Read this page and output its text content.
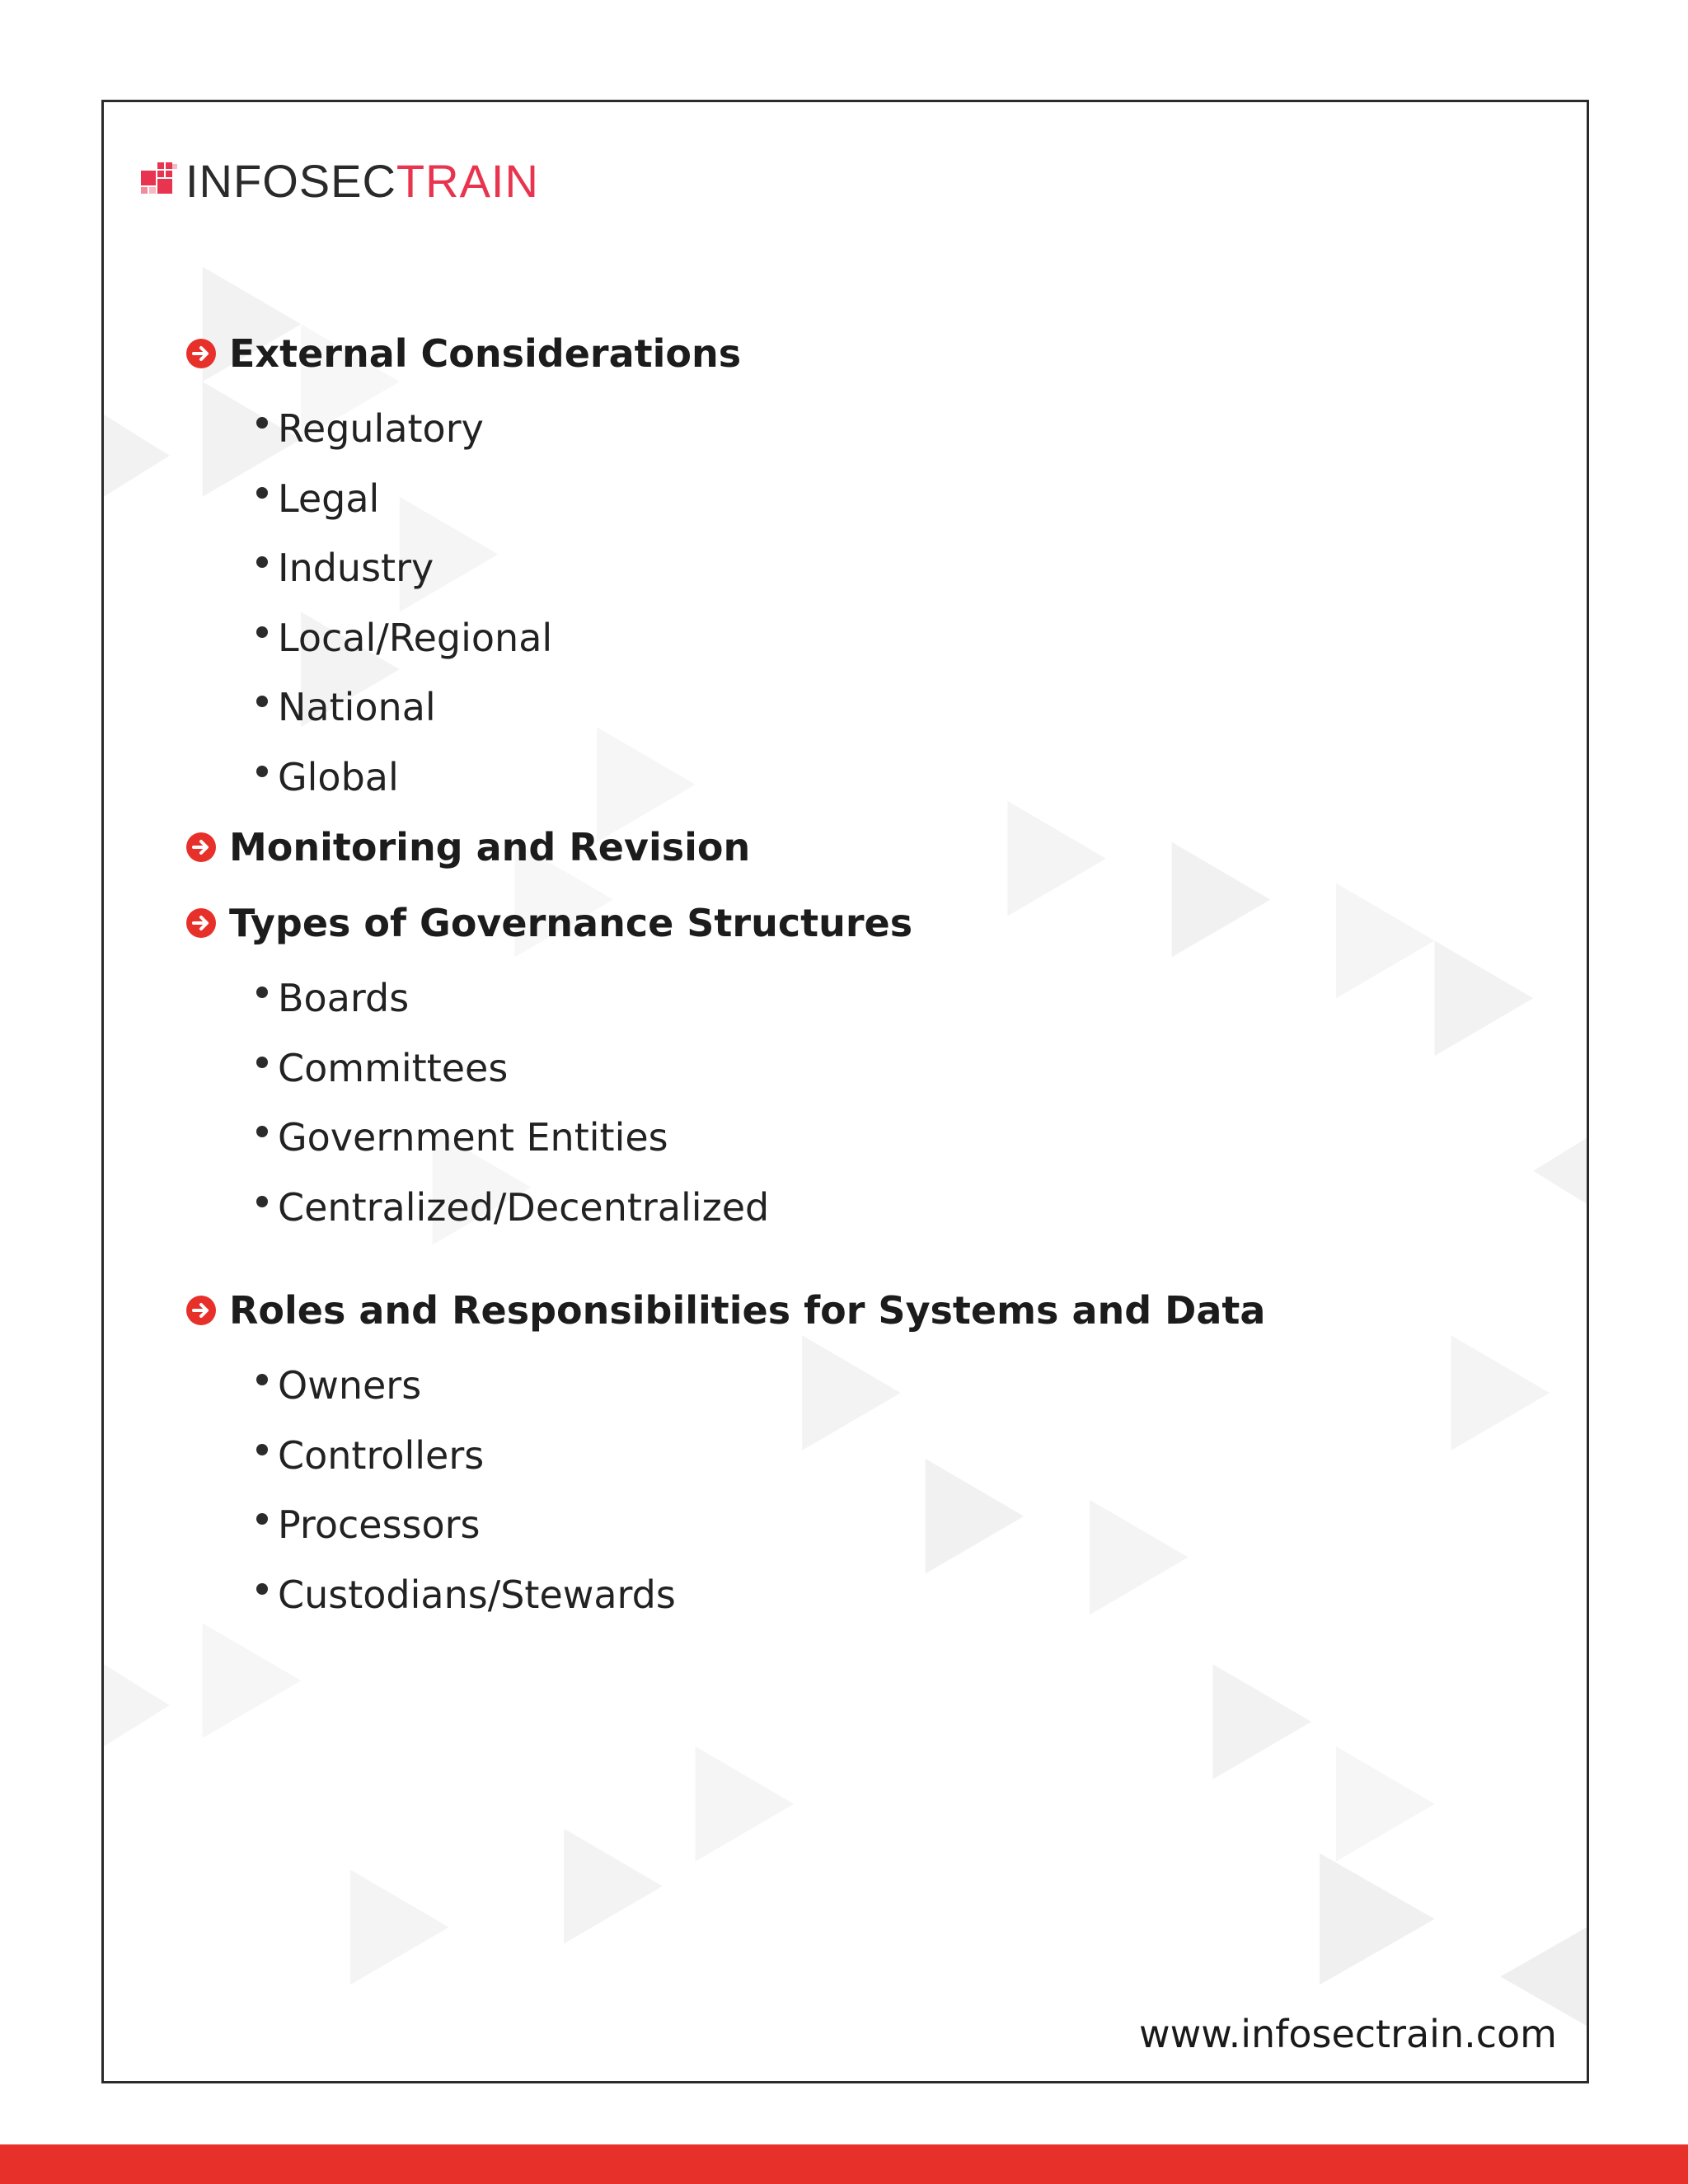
INFOSEC TRAIN
External Considerations
Regulatory
Legal
Industry
Local/Regional
National
Global
Monitoring and Revision
Types of Governance Structures
Boards
Committees
Government Entities
Centralized/Decentralized
Roles and Responsibilities for Systems and Data
Owners
Controllers
Processors
Custodians/Stewards
www.infosectrain.com
